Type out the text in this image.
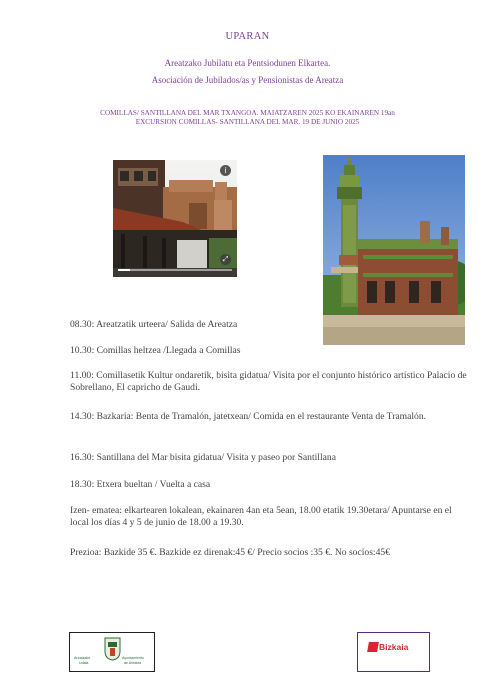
UPARAN
Areatzako Jubilatu eta Pentsiodunen Elkartea.
Asociación de Jubilados/as y Pensionistas de Areatza
COMILLAS/ SANTILLANA DEL MAR TXANGOA. MAIATZAREN 2025 KO EKAINAREN 19an
EXCURSION COMILLAS- SANTILLANA DEL MAR. 19 DE JUNIO 2025
i
⤢
08.30: Areatzatik urteera/ Salida de Areatza
10.30: Comillas heltzea /Llegada a Comillas
11.00: Comillasetik Kultur ondaretik, bisita gidatua/ Visita por el conjunto histórico artístico Palacio de Sobrellano, El capricho de Gaudi.
14.30: Bazkaria: Benta de Tramalón, jatetxean/ Comida en el restaurante Venta de Tramalón.
16.30: Santillana del Mar bisita gidatua/ Visita y paseo por Santillana
18.30: Etxera bueltan / Vuelta a casa
Izen- ematea: elkartearen lokalean, ekainaren 4an eta 5ean, 18.00 etatik 19.30etara/ Apuntarse en el local los días 4 y 5 de junio de 18.00 a 19.30.
Prezioa: Bazkide 35 €. Bazkide ez direnak:45 €/ Precio socios :35 €. No socios:45€
Areatzako
Udala
Ayuntamiento
de Areatza
Bizkaia
